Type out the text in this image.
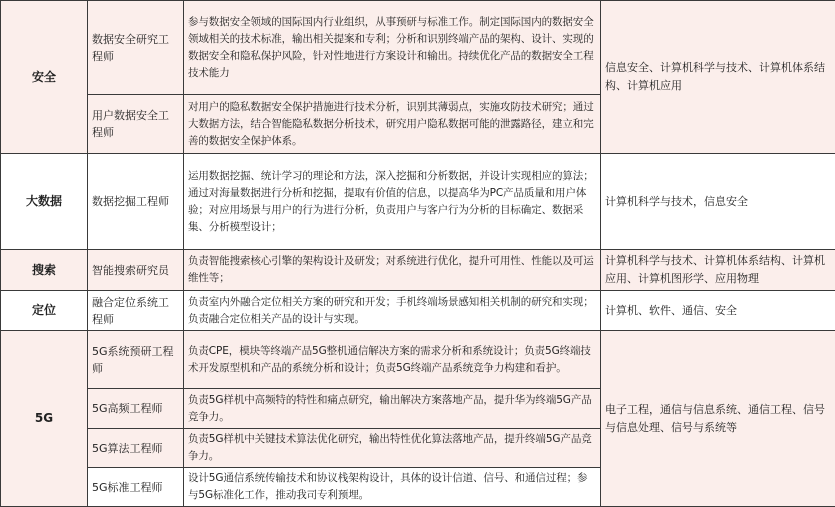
安全	数据安全研究工程师	参与数据安全领域的国际国内行业组织，从事预研与标准工作。制定国际国内的数据安全领域相关的技术标准，输出相关提案和专利；分析和识别终端产品的架构、设计、实现的数据安全和隐私保护风险，针对性地进行方案设计和输出。持续优化产品的数据安全工程技术能力	信息安全、计算机科学与技术、计算机体系结构、计算机应用
	用户数据安全工程师	对用户的隐私数据安全保护措施进行技术分析，识别其薄弱点，实施攻防技术研究；通过大数据方法，结合智能隐私数据分析技术，研究用户隐私数据可能的泄露路径，建立和完善的数据安全保护体系。	
大数据	数据挖掘工程师	运用数据挖掘、统计学习的理论和方法，深入挖掘和分析数据，并设计实现相应的算法；通过对海量数据进行分析和挖掘，提取有价值的信息，以提高华为PC产品质量和用户体验；对应用场景与用户的行为进行分析，负责用户与客户行为分析的目标确定、数据采集、分析模型设计；	计算机科学与技术，信息安全
搜索	智能搜索研究员	负责智能搜索核心引擎的架构设计及研发；对系统进行优化，提升可用性、性能以及可运维性等；	计算机科学与技术、计算机体系结构、计算机应用、计算机图形学、应用物理
定位	融合定位系统工程师	负责室内外融合定位相关方案的研究和开发；手机终端场景感知相关机制的研究和实现；负责融合定位相关产品的设计与实现。	计算机、软件、通信、安全
5G	5G系统预研工程师	负责CPE，模块等终端产品5G整机通信解决方案的需求分析和系统设计；负责5G终端技术开发原型机和产品的系统分析和设计；负责5G终端产品系统竞争力构建和看护。	电子工程，通信与信息系统、通信工程、信号与信息处理、信号与系统等
	5G高频工程师	负责5G样机中高频特的特性和痛点研究，输出解决方案落地产品，提升华为终端5G产品竞争力。	
	5G算法工程师	负责5G样机中关键技术算法优化研究，输出特性优化算法落地产品，提升终端5G产品竞争力。	
	5G标准工程师	设计5G通信系统传输技术和协议栈架构设计，具体的设计信道、信号、和通信过程；参与5G标准化工作，推动我司专利预埋。	
